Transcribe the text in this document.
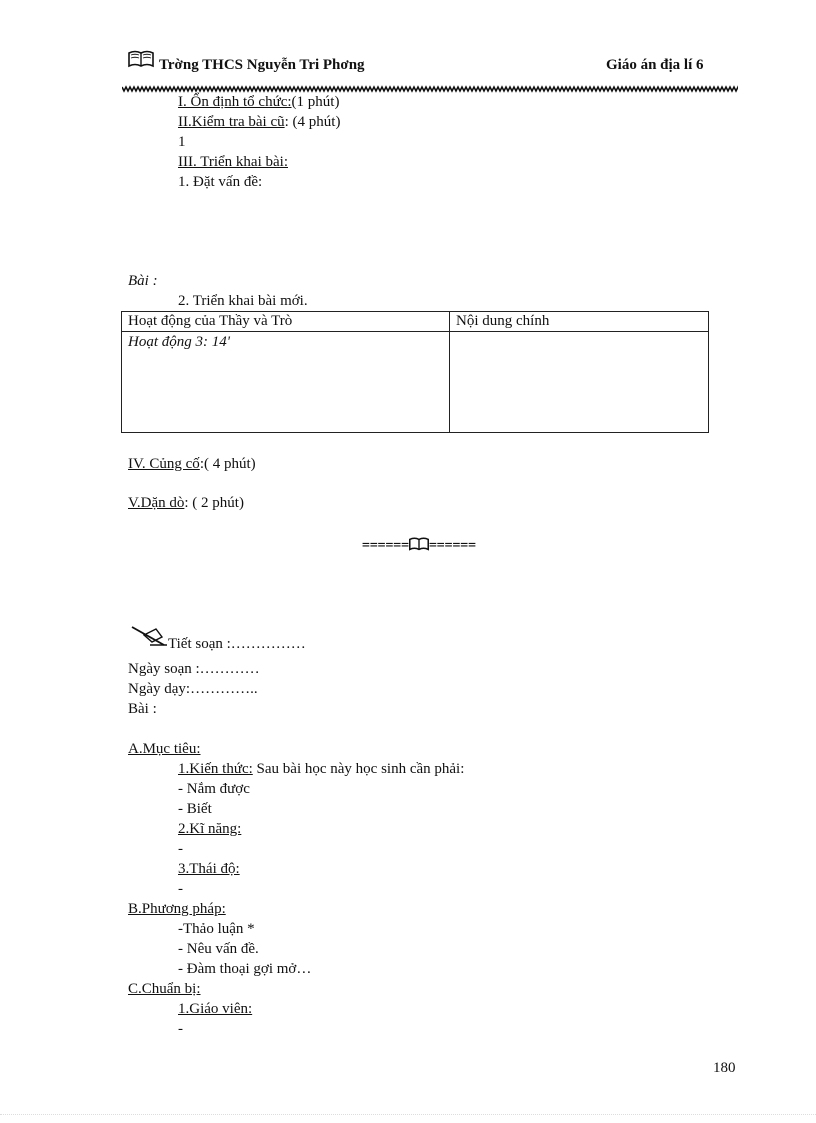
Trờng THCS Nguyễn Tri Phơng	Giáo án địa lí 6
I. Ổn định tổ chức:(1 phút)
II.Kiểm tra bài cũ: (4 phút)
1
III. Triển khai bài:
1. Đặt vấn đề:
Bài :
2. Triển khai bài mới.
Hoạt động của Thầy và Trò	Nội dung chính
Hoạt động 3: 14'	
IV. Củng cố:( 4 phút)
V.Dặn dò: ( 2 phút)
====== ======
Tiết soạn :……………
Ngày soạn :…………
Ngày dạy:…………..
Bài :
A.Mục tiêu:
1.Kiến thức: Sau bài học này học sinh cần phải:
- Nắm được
- Biết
2.Kĩ năng:
-
3.Thái độ:
-
B.Phương pháp:
-Thảo luận *
- Nêu vấn đề.
- Đàm thoại gợi mở…
C.Chuẩn bị:
1.Giáo viên:
-
180
